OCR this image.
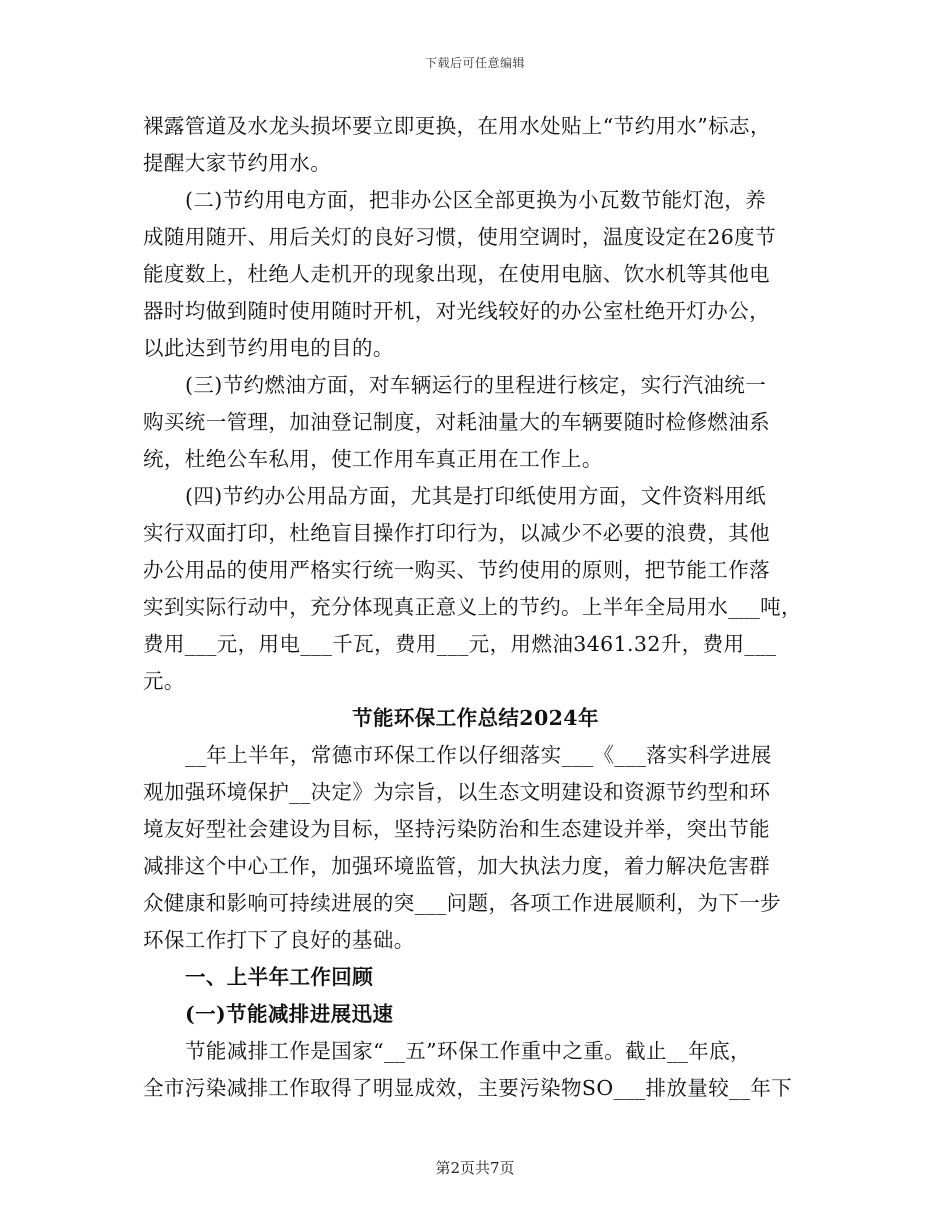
下载后可任意编辑
裸露管道及水龙头损坏要立即更换，在用水处贴上“节约用水”标志，
提醒大家节约用水。
(二)节约用电方面，把非办公区全部更换为小瓦数节能灯泡，养
成随用随开、用后关灯的良好习惯，使用空调时，温度设定在26度节
能度数上，杜绝人走机开的现象出现，在使用电脑、饮水机等其他电
器时均做到随时使用随时开机，对光线较好的办公室杜绝开灯办公，
以此达到节约用电的目的。
(三)节约燃油方面，对车辆运行的里程进行核定，实行汽油统一
购买统一管理，加油登记制度，对耗油量大的车辆要随时检修燃油系
统，杜绝公车私用，使工作用车真正用在工作上。
(四)节约办公用品方面，尤其是打印纸使用方面，文件资料用纸
实行双面打印，杜绝盲目操作打印行为，以减少不必要的浪费，其他
办公用品的使用严格实行统一购买、节约使用的原则，把节能工作落
实到实际行动中，充分体现真正意义上的节约。上半年全局用水___吨，
费用___元，用电___千瓦，费用___元，用燃油3461.32升，费用___
元。
节能环保工作总结2024年
__年上半年，常德市环保工作以仔细落实___《___落实科学进展
观加强环境保护__决定》为宗旨，以生态文明建设和资源节约型和环
境友好型社会建设为目标，坚持污染防治和生态建设并举，突出节能
减排这个中心工作，加强环境监管，加大执法力度，着力解决危害群
众健康和影响可持续进展的突___问题，各项工作进展顺利，为下一步
环保工作打下了良好的基础。
一、上半年工作回顾
(一)节能减排进展迅速
节能减排工作是国家“__五”环保工作重中之重。截止__年底，
全市污染减排工作取得了明显成效，主要污染物SO___排放量较__年下
第2页共7页
